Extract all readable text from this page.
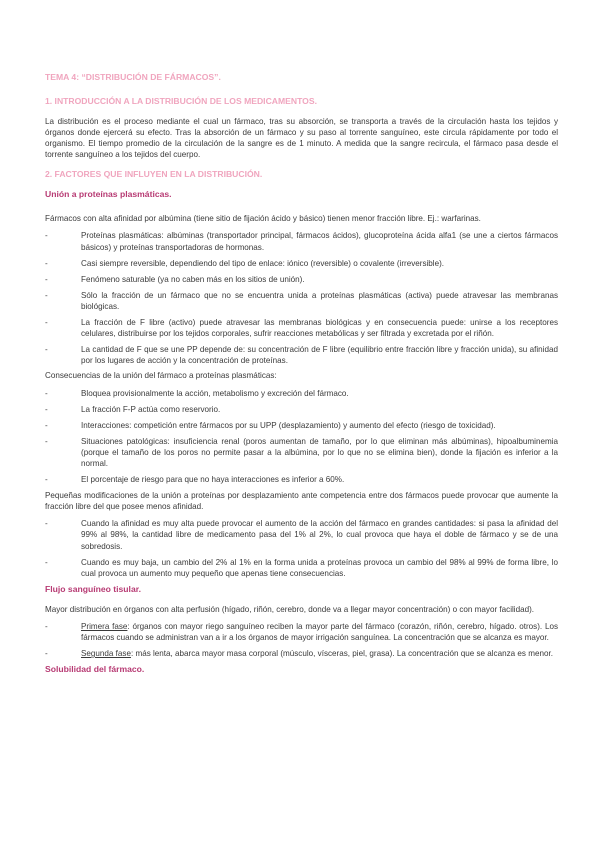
TEMA 4: “DISTRIBUCIÓN DE FÁRMACOS”.

1. INTRODUCCIÓN A LA DISTRIBUCIÓN DE LOS MEDICAMENTOS.

La distribución es el proceso mediante el cual un fármaco, tras su absorción, se transporta a través de la circulación hasta los tejidos y órganos donde ejercerá su efecto. Tras la absorción de un fármaco y su paso al torrente sanguíneo, este circula rápidamente por todo el organismo. El tiempo promedio de la circulación de la sangre es de 1 minuto. A medida que la sangre recircula, el fármaco pasa desde el torrente sanguíneo a los tejidos del cuerpo.

2. FACTORES QUE INFLUYEN EN LA DISTRIBUCIÓN.

Unión a proteínas plasmáticas.

Fármacos con alta afinidad por albúmina (tiene sitio de fijación ácido y básico) tienen menor fracción libre. Ej.: warfarinas.

-	Proteínas plasmáticas: albúminas (transportador principal, fármacos ácidos), glucoproteína ácida alfa1 (se une a ciertos fármacos básicos) y proteínas transportadoras de hormonas.
-	Casi siempre reversible, dependiendo del tipo de enlace: iónico (reversible) o covalente (irreversible).
-	Fenómeno saturable (ya no caben más en los sitios de unión).
-	Sólo la fracción de un fármaco que no se encuentra unida a proteínas plasmáticas (activa) puede atravesar las membranas biológicas.
-	La fracción de F libre (activo) puede atravesar las membranas biológicas y en consecuencia puede: unirse a los receptores celulares, distribuirse por los tejidos corporales, sufrir reacciones metabólicas y ser filtrada y excretada por el riñón.
-	La cantidad de F que se une PP depende de: su concentración de F libre (equilibrio entre fracción libre y fracción unida), su afinidad por los lugares de acción y la concentración de proteínas.

Consecuencias de la unión del fármaco a proteínas plasmáticas:

-	Bloquea provisionalmente la acción, metabolismo y excreción del fármaco.
-	La fracción F-P actúa como reservorio.
-	Interacciones: competición entre fármacos por su UPP (desplazamiento) y aumento del efecto (riesgo de toxicidad).
-	Situaciones patológicas: insuficiencia renal (poros aumentan de tamaño, por lo que eliminan más albúminas), hipoalbuminemia (porque el tamaño de los poros no permite pasar a la albúmina, por lo que no se elimina bien), donde la fijación es inferior a la normal.
-	El porcentaje de riesgo para que no haya interacciones es inferior a 60%.

Pequeñas modificaciones de la unión a proteínas por desplazamiento ante competencia entre dos fármacos puede provocar que aumente la fracción libre del que posee menos afinidad.

-	Cuando la afinidad es muy alta puede provocar el aumento de la acción del fármaco en grandes cantidades: si pasa la afinidad del 99% al 98%, la cantidad libre de medicamento pasa del 1% al 2%, lo cual provoca que haya el doble de fármaco y se de una sobredosis.
-	Cuando es muy baja, un cambio del 2% al 1% en la forma unida a proteínas provoca un cambio del 98% al 99% de forma libre, lo cual provoca un aumento muy pequeño que apenas tiene consecuencias.

Flujo sanguíneo tisular.

Mayor distribución en órganos con alta perfusión (hígado, riñón, cerebro, donde va a llegar mayor concentración) o con mayor facilidad).

-	Primera fase: órganos con mayor riego sanguíneo reciben la mayor parte del fármaco (corazón, riñón, cerebro, hígado. otros). Los fármacos cuando se administran van a ir a los órganos de mayor irrigación sanguínea. La concentración que se alcanza es mayor.
-	Segunda fase: más lenta, abarca mayor masa corporal (músculo, vísceras, piel, grasa). La concentración que se alcanza es menor.

Solubilidad del fármaco.
